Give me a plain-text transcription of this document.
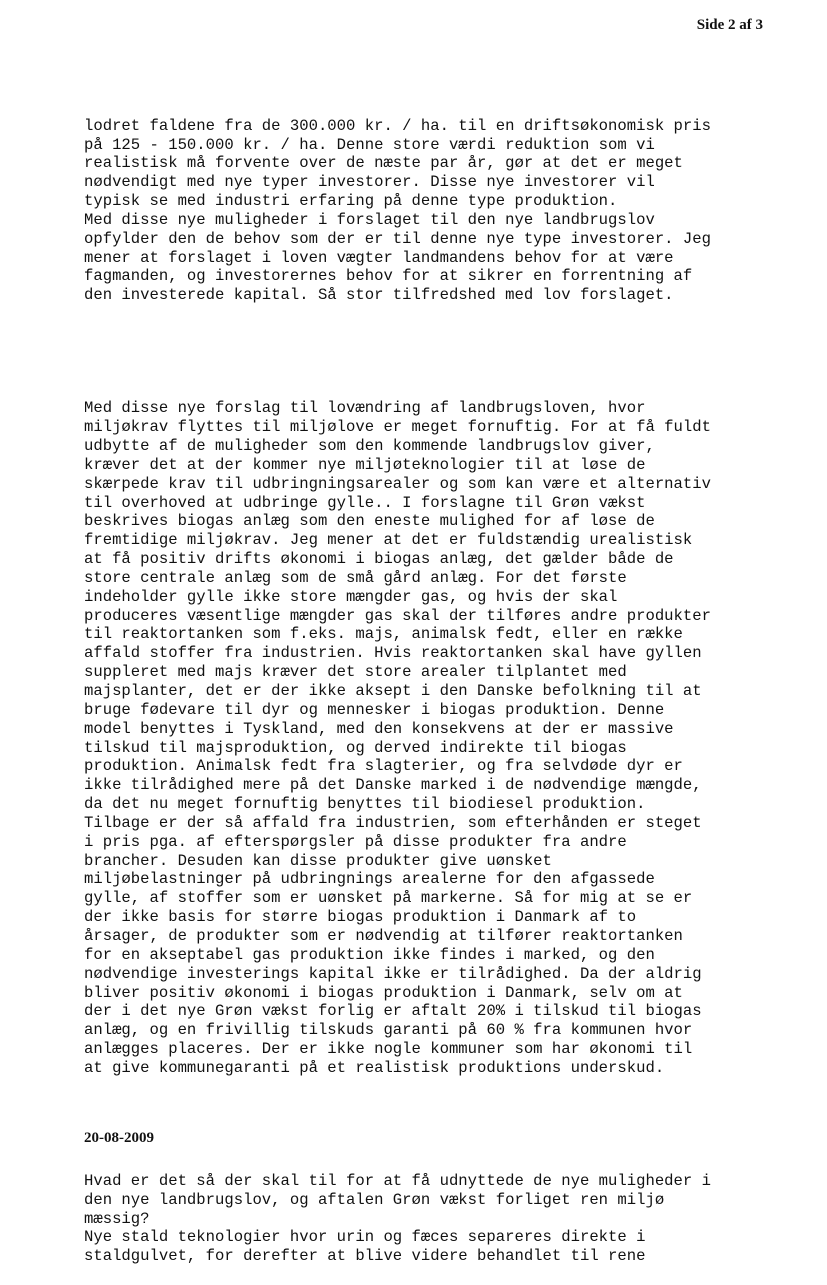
Side 2 af 3

lodret faldene fra de 300.000 kr. / ha. til en driftsøkonomisk pris
på 125 - 150.000 kr. / ha. Denne store værdi reduktion som vi
realistisk må forvente over de næste par år, gør at det er meget
nødvendigt med nye typer investorer. Disse nye investorer vil
typisk se med industri erfaring på denne type produktion.
Med disse nye muligheder i forslaget til den nye landbrugslov
opfylder den de behov som der er til denne nye type investorer. Jeg
mener at forslaget i loven vægter landmandens behov for at være
fagmanden, og investorernes behov for at sikrer en forrentning af
den investerede kapital. Så stor tilfredshed med lov forslaget.

Med disse nye forslag til lovændring af landbrugsloven, hvor
miljøkrav flyttes til miljølove er meget fornuftig. For at få fuldt
udbytte af de muligheder som den kommende landbrugslov giver,
kræver det at der kommer nye miljøteknologier til at løse de
skærpede krav til udbringningsarealer og som kan være et alternativ
til overhoved at udbringe gylle.. I forslagne til Grøn vækst
beskrives biogas anlæg som den eneste mulighed for af løse de
fremtidige miljøkrav. Jeg mener at det er fuldstændig urealistisk
at få positiv drifts økonomi i biogas anlæg, det gælder både de
store centrale anlæg som de små gård anlæg. For det første
indeholder gylle ikke store mængder gas, og hvis der skal
produceres væsentlige mængder gas skal der tilføres andre produkter
til reaktortanken som f.eks. majs, animalsk fedt, eller en række
affald stoffer fra industrien. Hvis reaktortanken skal have gyllen
suppleret med majs kræver det store arealer tilplantet med
majsplanter, det er der ikke aksept i den Danske befolkning til at
bruge fødevare til dyr og mennesker i biogas produktion. Denne
model benyttes i Tyskland, med den konsekvens at der er massive
tilskud til majsproduktion, og derved indirekte til biogas
produktion. Animalsk fedt fra slagterier, og fra selvdøde dyr er
ikke tilrådighed mere på det Danske marked i de nødvendige mængde,
da det nu meget fornuftig benyttes til biodiesel produktion.
Tilbage er der så affald fra industrien, som efterhånden er steget
i pris pga. af efterspørgsler på disse produkter fra andre
brancher. Desuden kan disse produkter give uønsket
miljøbelastninger på udbringnings arealerne for den afgassede
gylle, af stoffer som er uønsket på markerne. Så for mig at se er
der ikke basis for større biogas produktion i Danmark af to
årsager, de produkter som er nødvendig at tilfører reaktortanken
for en akseptabel gas produktion ikke findes i marked, og den
nødvendige investerings kapital ikke er tilrådighed. Da der aldrig
bliver positiv økonomi i biogas produktion i Danmark, selv om at
der i det nye Grøn vækst forlig er aftalt 20% i tilskud til biogas
anlæg, og en frivillig tilskuds garanti på 60 % fra kommunen hvor
anlægges placeres. Der er ikke nogle kommuner som har økonomi til
at give kommunegaranti på et realistisk produktions underskud.

Hvad er det så der skal til for at få udnyttede de nye muligheder i
den nye landbrugslov, og aftalen Grøn vækst forliget ren miljø
mæssig?
Nye stald teknologier hvor urin og fæces separeres direkte i
staldgulvet, for derefter at blive videre behandlet til rene

20-08-2009
